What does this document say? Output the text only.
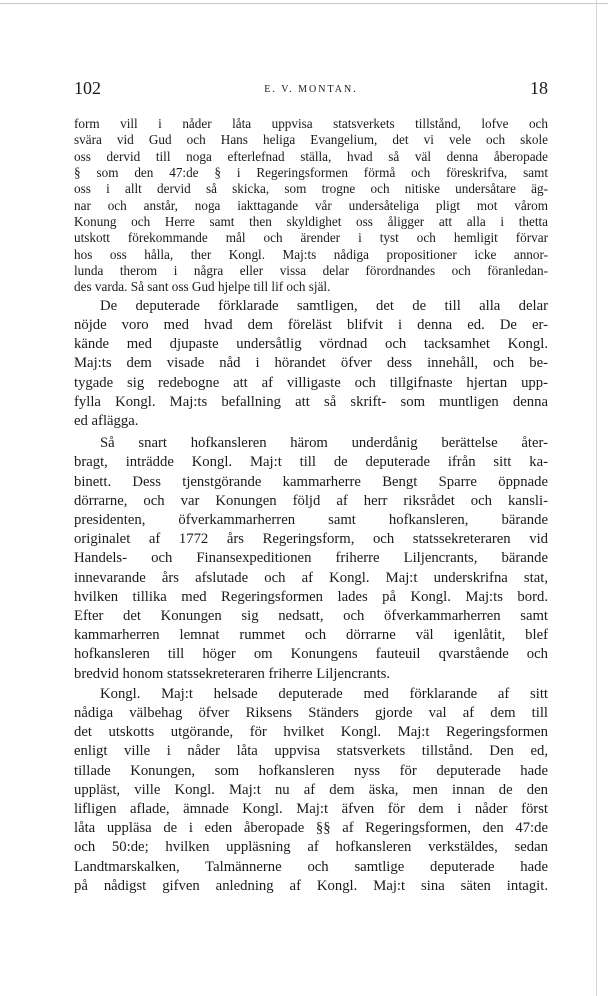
102	E. V. MONTAN.	18

form vill i nåder låta uppvisa statsverkets tillstånd, lofve och
svära vid Gud och Hans heliga Evangelium, det vi vele och skole
oss dervid till noga efterlefnad ställa, hvad så väl denna åberopade
§ som den 47:de § i Regeringsformen förmå och föreskrifva, samt
oss i allt dervid så skicka, som trogne och nitiske undersåtare äg-
nar och anstår, noga iakttagande vår undersåteliga pligt mot vårom
Konung och Herre samt then skyldighet oss åligger att alla i thetta
utskott förekommande mål och ärender i tyst och hemligit förvar
hos oss hålla, ther Kongl. Maj:ts nådiga propositioner icke annor-
lunda therom i några eller vissa delar förordnandes och föranledan-
des varda. Så sant oss Gud hjelpe till lif och själ.

De deputerade förklarade samtligen, det de till alla delar
nöjde voro med hvad dem föreläst blifvit i denna ed. De er-
kände med djupaste undersåtlig vördnad och tacksamhet Kongl.
Maj:ts dem visade nåd i hörandet öfver dess innehåll, och be-
tygade sig redebogne att af villigaste och tillgifnaste hjertan upp-
fylla Kongl. Maj:ts befallning att så skrift- som muntligen denna
ed aflägga.

Så snart hofkansleren härom underdånig berättelse åter-
bragt, inträdde Kongl. Maj:t till de deputerade ifrån sitt ka-
binett. Dess tjenstgörande kammarherre Bengt Sparre öppnade
dörrarne, och var Konungen följd af herr riksrådet och kansli-
presidenten, öfverkammarherren samt hofkansleren, bärande
originalet af 1772 års Regeringsform, och statssekreteraren vid
Handels- och Finansexpeditionen friherre Liljencrants, bärande
innevarande års afslutade och af Kongl. Maj:t underskrifna stat,
hvilken tillika med Regeringsformen lades på Kongl. Maj:ts bord.
Efter det Konungen sig nedsatt, och öfverkammarherren samt
kammarherren lemnat rummet och dörrarne väl igenlåtit, blef
hofkansleren till höger om Konungens fauteuil qvarstående och
bredvid honom statssekreteraren friherre Liljencrants.

Kongl. Maj:t helsade deputerade med förklarande af sitt
nådiga välbehag öfver Riksens Ständers gjorde val af dem till
det utskotts utgörande, för hvilket Kongl. Maj:t Regeringsformen
enligt ville i nåder låta uppvisa statsverkets tillstånd. Den ed,
tillade Konungen, som hofkansleren nyss för deputerade hade
uppläst, ville Kongl. Maj:t nu af dem äska, men innan de den
lifligen aflade, ämnade Kongl. Maj:t äfven för dem i nåder först
låta uppläsa de i eden åberopade §§ af Regeringsformen, den 47:de
och 50:de; hvilken uppläsning af hofkansleren verkstäldes, sedan
Landtmarskalken, Talmännerne och samtlige deputerade hade
på nådigst gifven anledning af Kongl. Maj:t sina säten intagit.
